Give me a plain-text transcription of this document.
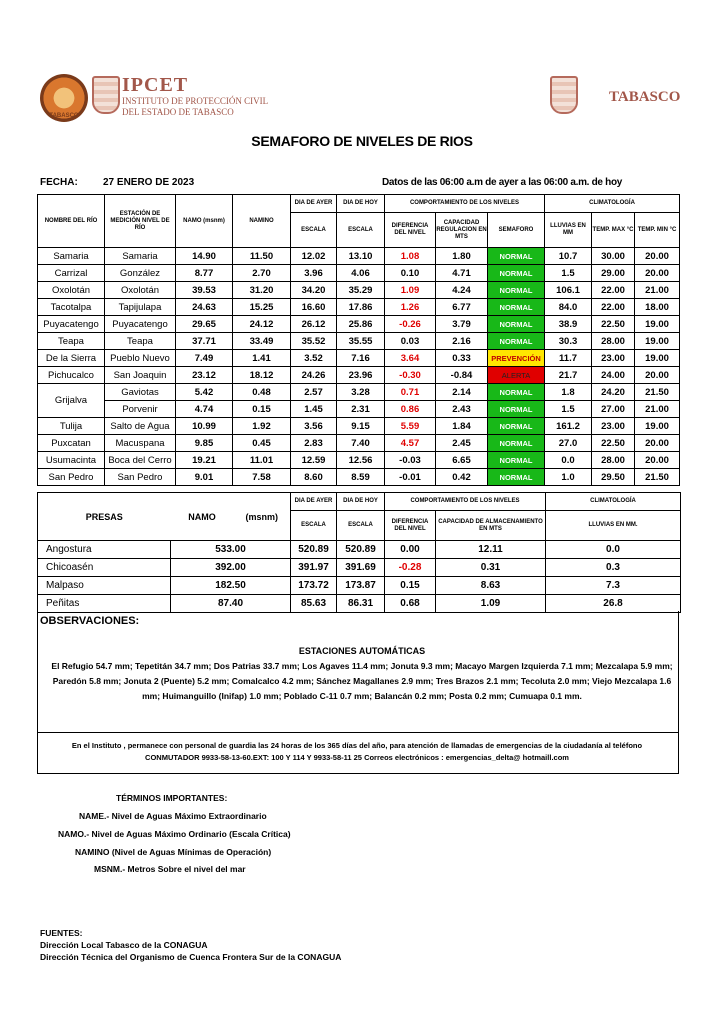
TABASCO
IPCET
INSTITUTO DE PROTECCIÓN CIVIL
DEL ESTADO DE TABASCO
TABASCO
SEMAFORO DE NIVELES DE RIOS
FECHA:	27 ENERO DE 2023	Datos de las 06:00 a.m de ayer a las 06:00 a.m. de hoy
NOMBRE DEL RÍO	ESTACIÓN DE MEDICIÓN NIVEL DE RÍO	NAMO (msnm)	NAMINO	DIA DE AYER	DIA DE HOY	COMPORTAMIENTO DE LOS NIVELES			CLIMATOLOGÍA		
				ESCALA	ESCALA	DIFERENCIA DEL NIVEL	CAPACIDAD REGULACION EN MTS	SEMAFORO	LLUVIAS EN MM	TEMP. MAX °C	TEMP. MIN °C
Samaria	Samaria	14.90	11.50	12.02	13.10	1.08	1.80	NORMAL	10.7	30.00	20.00
Carrizal	González	8.77	2.70	3.96	4.06	0.10	4.71	NORMAL	1.5	29.00	20.00
Oxolotán	Oxolotán	39.53	31.20	34.20	35.29	1.09	4.24	NORMAL	106.1	22.00	21.00
Tacotalpa	Tapijulapa	24.63	15.25	16.60	17.86	1.26	6.77	NORMAL	84.0	22.00	18.00
Puyacatengo	Puyacatengo	29.65	24.12	26.12	25.86	-0.26	3.79	NORMAL	38.9	22.50	19.00
Teapa	Teapa	37.71	33.49	35.52	35.55	0.03	2.16	NORMAL	30.3	28.00	19.00
De la Sierra	Pueblo Nuevo	7.49	1.41	3.52	7.16	3.64	0.33	PREVENCIÓN	11.7	23.00	19.00
Pichucalco	San Joaquin	23.12	18.12	24.26	23.96	-0.30	-0.84	ALERTA	21.7	24.00	20.00
Grijalva	Gaviotas	5.42	0.48	2.57	3.28	0.71	2.14	NORMAL	1.8	24.20	21.50
	Porvenir	4.74	0.15	1.45	2.31	0.86	2.43	NORMAL	1.5	27.00	21.00
Tulija	Salto de Agua	10.99	1.92	3.56	9.15	5.59	1.84	NORMAL	161.2	23.00	19.00
Puxcatan	Macuspana	9.85	0.45	2.83	7.40	4.57	2.45	NORMAL	27.0	22.50	20.00
Usumacinta	Boca del Cerro	19.21	11.01	12.59	12.56	-0.03	6.65	NORMAL	0.0	28.00	20.00
San Pedro	San Pedro	9.01	7.58	8.60	8.59	-0.01	0.42	NORMAL	1.0	29.50	21.50
PRESAS	NAMO	(msnm)	DIA DE AYER	DIA DE HOY	COMPORTAMIENTO DE LOS NIVELES		CLIMATOLOGÍA
			ESCALA	ESCALA	DIFERENCIA DEL NIVEL	CAPACIDAD DE ALMACENAMIENTO EN MTS	LLUVIAS EN MM.
Angostura	533.00		520.89	520.89	0.00	12.11	0.0
Chicoasén	392.00		391.97	391.69	-0.28	0.31	0.3
Malpaso	182.50		173.72	173.87	0.15	8.63	7.3
Peñitas	87.40		85.63	86.31	0.68	1.09	26.8
OBSERVACIONES:
ESTACIONES AUTOMÁTICAS
El Refugio 54.7 mm; Tepetitán 34.7 mm; Dos Patrias 33.7 mm; Los Agaves 11.4 mm; Jonuta 9.3 mm; Macayo Margen Izquierda 7.1 mm; Mezcalapa 5.9 mm; Paredón 5.8 mm; Jonuta 2 (Puente) 5.2 mm; Comalcalco 4.2 mm; Sánchez Magallanes 2.9 mm; Tres Brazos 2.1 mm; Tecoluta 2.0 mm; Viejo Mezcalapa 1.6 mm; Huimanguillo (Inifap) 1.0 mm; Poblado C-11 0.7 mm; Balancán 0.2 mm; Posta 0.2 mm; Cumuapa 0.1 mm.
En el Instituto , permanece con personal de guardia las 24 horas de los 365 días del año, para atención de llamadas de emergencias de la ciudadanía al teléfono
CONMUTADOR 9933-58-13-60.EXT: 100 Y 114 Y 9933-58-11 25 Correos electrónicos : emergencias_delta@ hotmaill.com
TÉRMINOS IMPORTANTES:
NAME.- Nivel de Aguas Máximo Extraordinario
NAMO.- Nivel de Aguas Máximo Ordinario (Escala Crítica)
NAMINO (Nivel de Aguas Mínimas de Operación)
MSNM.- Metros Sobre el nivel del mar
FUENTES:
Dirección Local Tabasco de la CONAGUA
Dirección Técnica del Organismo de Cuenca Frontera Sur de la CONAGUA
